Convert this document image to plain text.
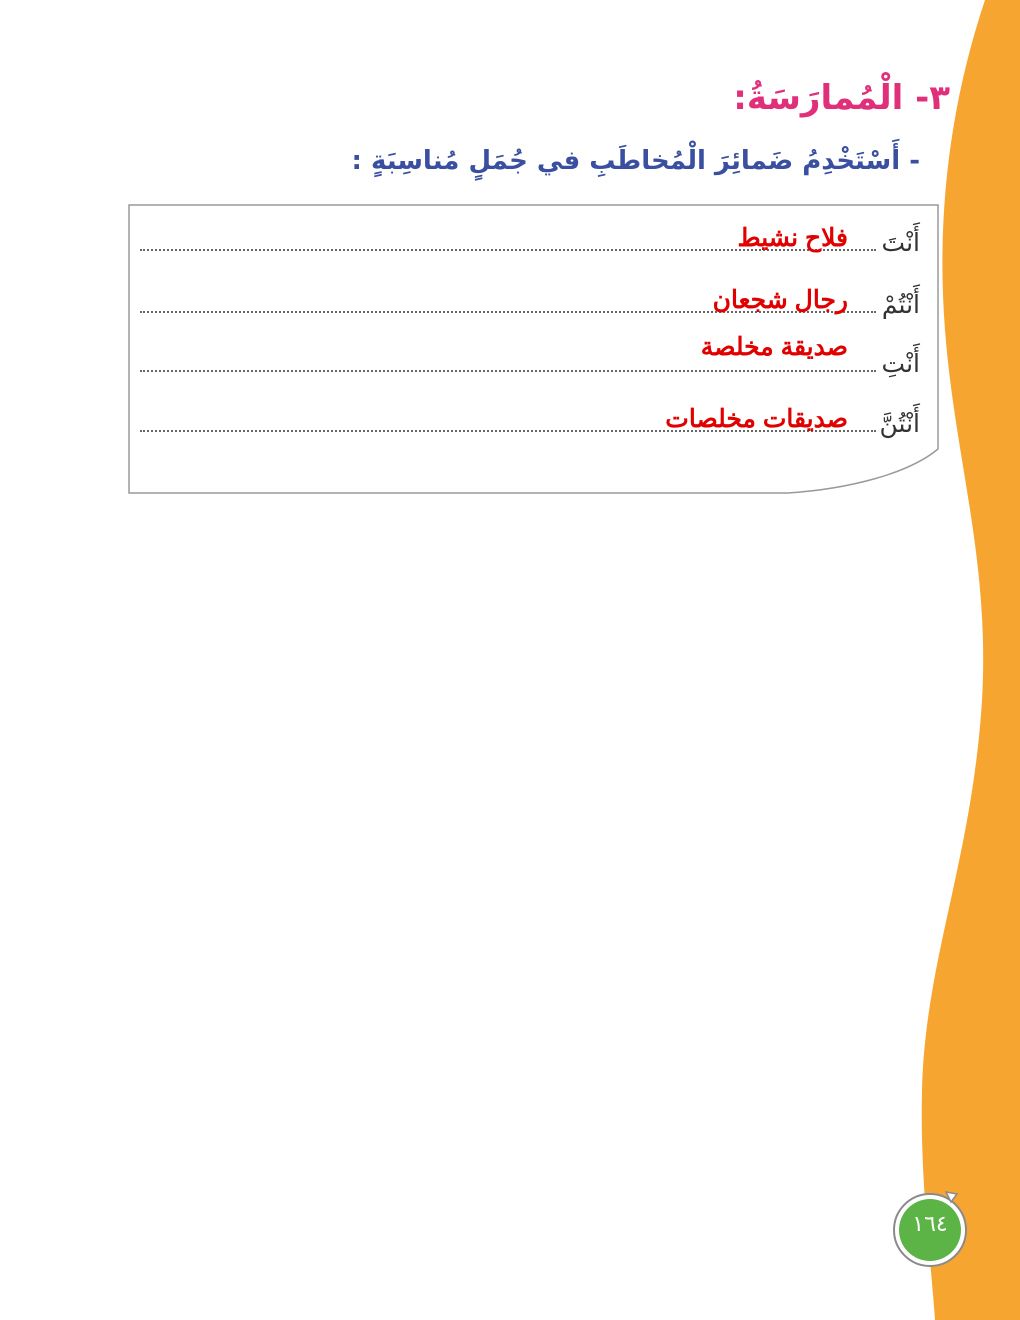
٣- الْمُمارَسَةُ:
- أَسْتَخْدِمُ ضَمائِرَ الْمُخاطَبِ في جُمَلٍ مُناسِبَةٍ :
أَنْتَ
فلاح نشيط
أَنْتُمْ
رجال شجعان
أَنْتِ
صديقة مخلصة
أَنْتُنَّ
صديقات مخلصات
١٦٤
